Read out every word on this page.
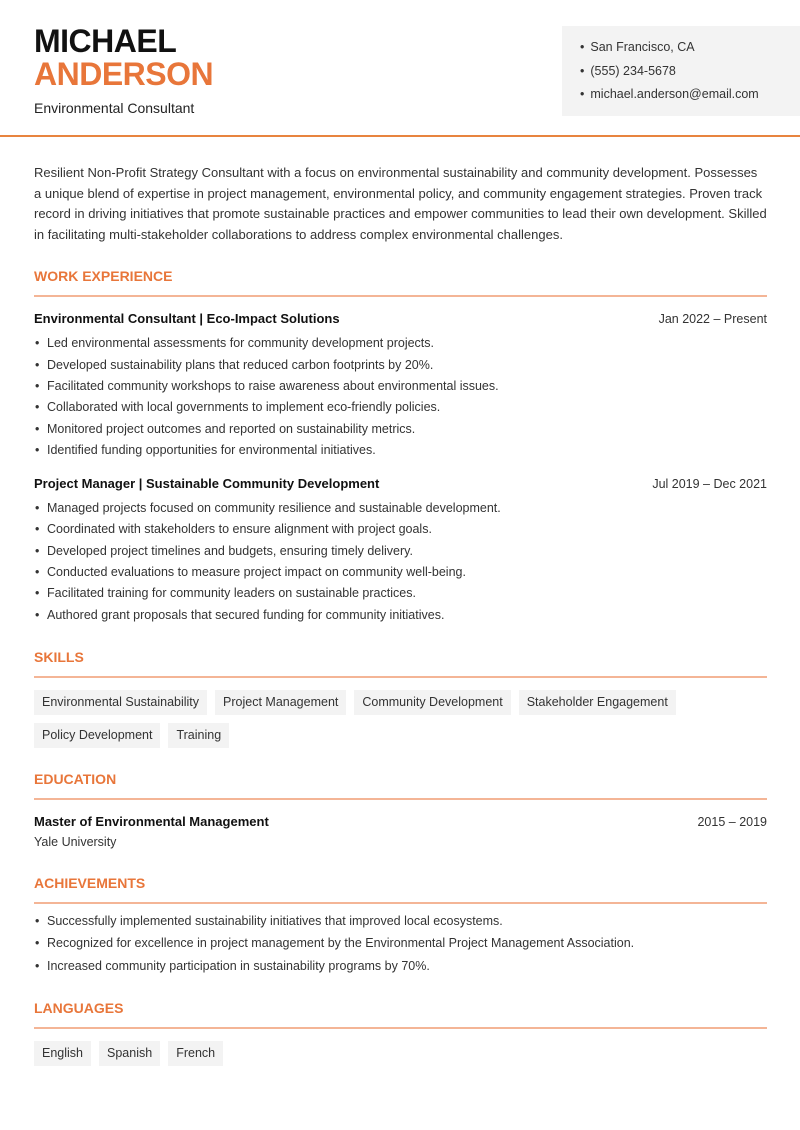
MICHAEL
ANDERSON
Environmental Consultant
• San Francisco, CA
• (555) 234-5678
• michael.anderson@email.com

Resilient Non-Profit Strategy Consultant with a focus on environmental sustainability and community development. Possesses a unique blend of expertise in project management, environmental policy, and community engagement strategies. Proven track record in driving initiatives that promote sustainable practices and empower communities to lead their own development. Skilled in facilitating multi-stakeholder collaborations to address complex environmental challenges.

WORK EXPERIENCE
Environmental Consultant | Eco-Impact Solutions	Jan 2022 – Present
• Led environmental assessments for community development projects.
• Developed sustainability plans that reduced carbon footprints by 20%.
• Facilitated community workshops to raise awareness about environmental issues.
• Collaborated with local governments to implement eco-friendly policies.
• Monitored project outcomes and reported on sustainability metrics.
• Identified funding opportunities for environmental initiatives.
Project Manager | Sustainable Community Development	Jul 2019 – Dec 2021
• Managed projects focused on community resilience and sustainable development.
• Coordinated with stakeholders to ensure alignment with project goals.
• Developed project timelines and budgets, ensuring timely delivery.
• Conducted evaluations to measure project impact on community well-being.
• Facilitated training for community leaders on sustainable practices.
• Authored grant proposals that secured funding for community initiatives.
SKILLS
Environmental Sustainability	Project Management	Community Development	Stakeholder Engagement
Policy Development	Training
EDUCATION
Master of Environmental Management	2015 – 2019
Yale University
ACHIEVEMENTS
• Successfully implemented sustainability initiatives that improved local ecosystems.
• Recognized for excellence in project management by the Environmental Project Management Association.
• Increased community participation in sustainability programs by 70%.
LANGUAGES
English	Spanish	French
